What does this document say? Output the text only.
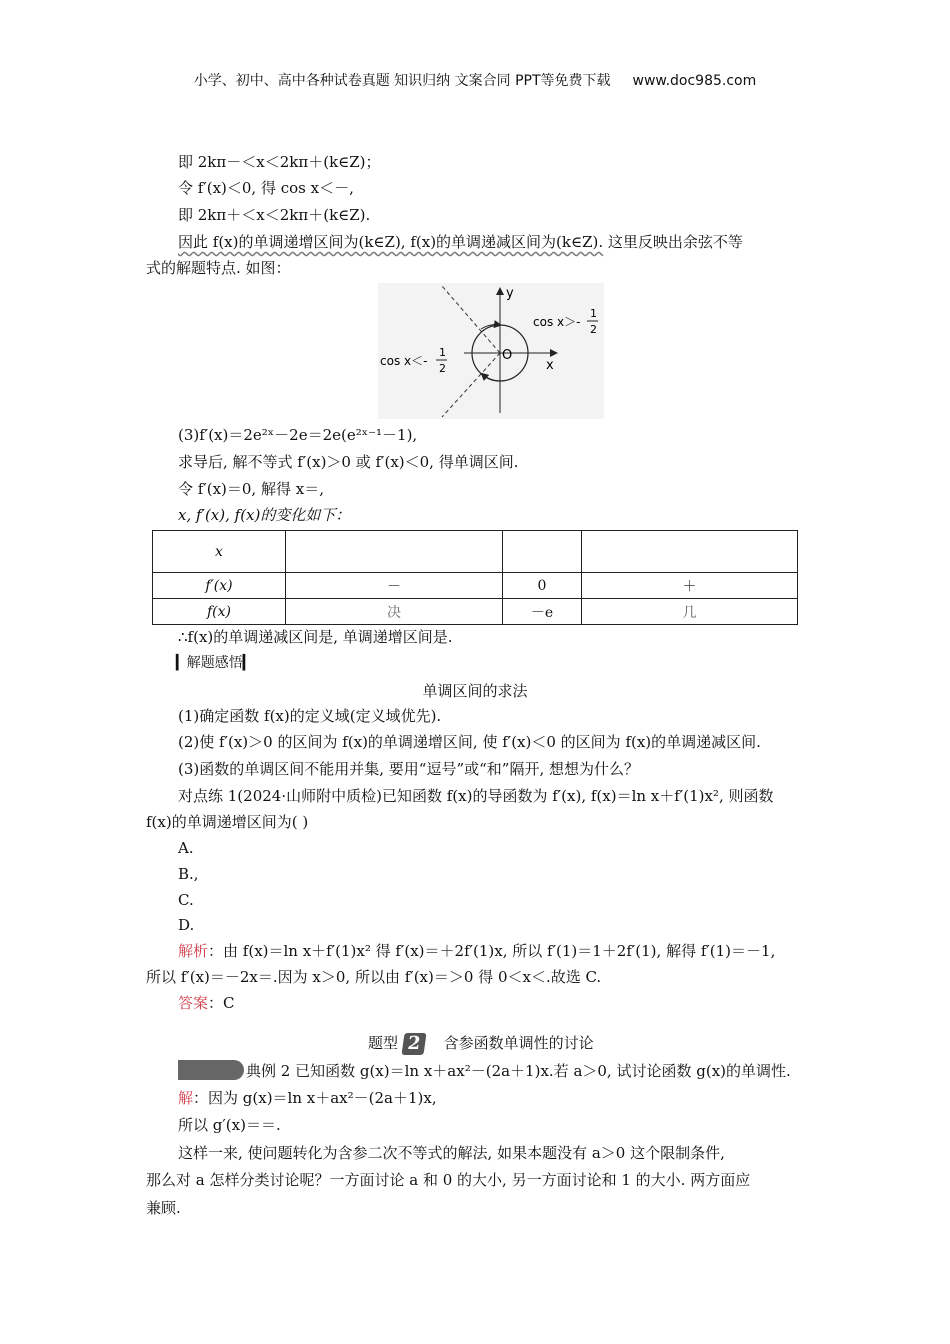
小学、初中、高中各种试卷真题 知识归纳 文案合同 PPT等免费下载 www.doc985.com
即 2kπ－＜x＜2kπ＋(k∈Z)；
令 f′(x)＜0, 得 cos x＜－,
即 2kπ＋＜x＜2kπ＋(k∈Z).
因此 f(x)的单调递增区间为(k∈Z), f(x)的单调递减区间为(k∈Z). 这里反映出余弦不等
式的解题特点. 如图：
y
x
O
cos x＞-
1
2
cos x＜-
1
2
(3)f′(x)＝2e²ˣ－2e＝2e(e²ˣ⁻¹－1),
求导后, 解不等式 f′(x)＞0 或 f′(x)＜0, 得单调区间.
令 f′(x)＝0, 解得 x＝,
x, f′(x), f(x)的变化如下：
x			
f′(x)	－	0	＋
f(x)	决	－e	几
∴f(x)的单调递减区间是, 单调递增区间是.
▎解题感悟▎
单调区间的求法
(1)确定函数 f(x)的定义域(定义域优先).
(2)使 f′(x)＞0 的区间为 f(x)的单调递增区间, 使 f′(x)＜0 的区间为 f(x)的单调递减区间.
(3)函数的单调区间不能用并集, 要用“逗号”或“和”隔开, 想想为什么？
对点练 1(2024·山师附中质检)已知函数 f(x)的导函数为 f′(x), f(x)＝ln x＋f′(1)x², 则函数
f(x)的单调递增区间为( )
A.
B.,
C.
D.
解析：由 f(x)＝ln x＋f′(1)x² 得 f′(x)＝＋2f′(1)x, 所以 f′(1)＝1＋2f′(1), 解得 f′(1)＝－1,
所以 f′(x)＝－2x＝.因为 x＞0, 所以由 f′(x)＝＞0 得 0＜x＜.故选 C.
答案：C
题型 2 含参函数单调性的讨论
典例 2 已知函数 g(x)＝ln x＋ax²－(2a＋1)x.若 a＞0, 试讨论函数 g(x)的单调性.
解：因为 g(x)＝ln x＋ax²－(2a＋1)x,
所以 g′(x)＝＝.
这样一来, 使问题转化为含参二次不等式的解法, 如果本题没有 a＞0 这个限制条件,
那么对 a 怎样分类讨论呢？一方面讨论 a 和 0 的大小, 另一方面讨论和 1 的大小. 两方面应
兼顾.
